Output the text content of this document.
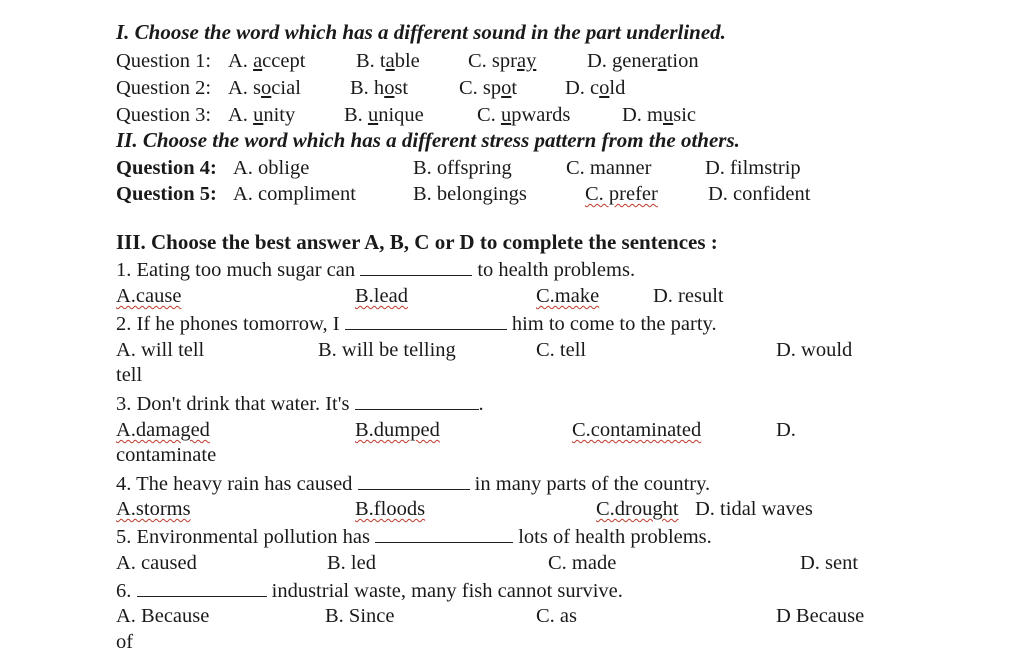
I. Choose the word which has a different sound in the part underlined.
Question 1: A. accept B. table C. spray D. generation
Question 2: A. social B. host C. spot D. cold
Question 3: A. unity B. unique	C. upwards	D. music
II. Choose the word which has a different stress pattern from the others.
Question 4: A. oblige	B. offspring	C. manner	D. filmstrip
Question 5: A. compliment	B. belongings	C. prefer D. confident
III. Choose the best answer A, B, C or D to complete the sentences :
1. Eating too much sugar can	to health problems.
A.cause	B.lead	C.make	D. result
2. If he phones tomorrow, I	him to come to the party.
A. will tell	B. will be telling	C. tell	D. would
tell
3. Don't drink that water. It's	.
A.damaged	B.dumped	C.contaminated	D.
contaminate
4. The heavy rain has caused	in many parts of the country.
A.storms	B.floods	C.drought D. tidal waves
5. Environmental pollution has	lots of health problems.
A. caused	B. led	C. made	D. sent
6.	industrial waste, many fish cannot survive.
A. Because	B. Since	C. as	D Because
of
